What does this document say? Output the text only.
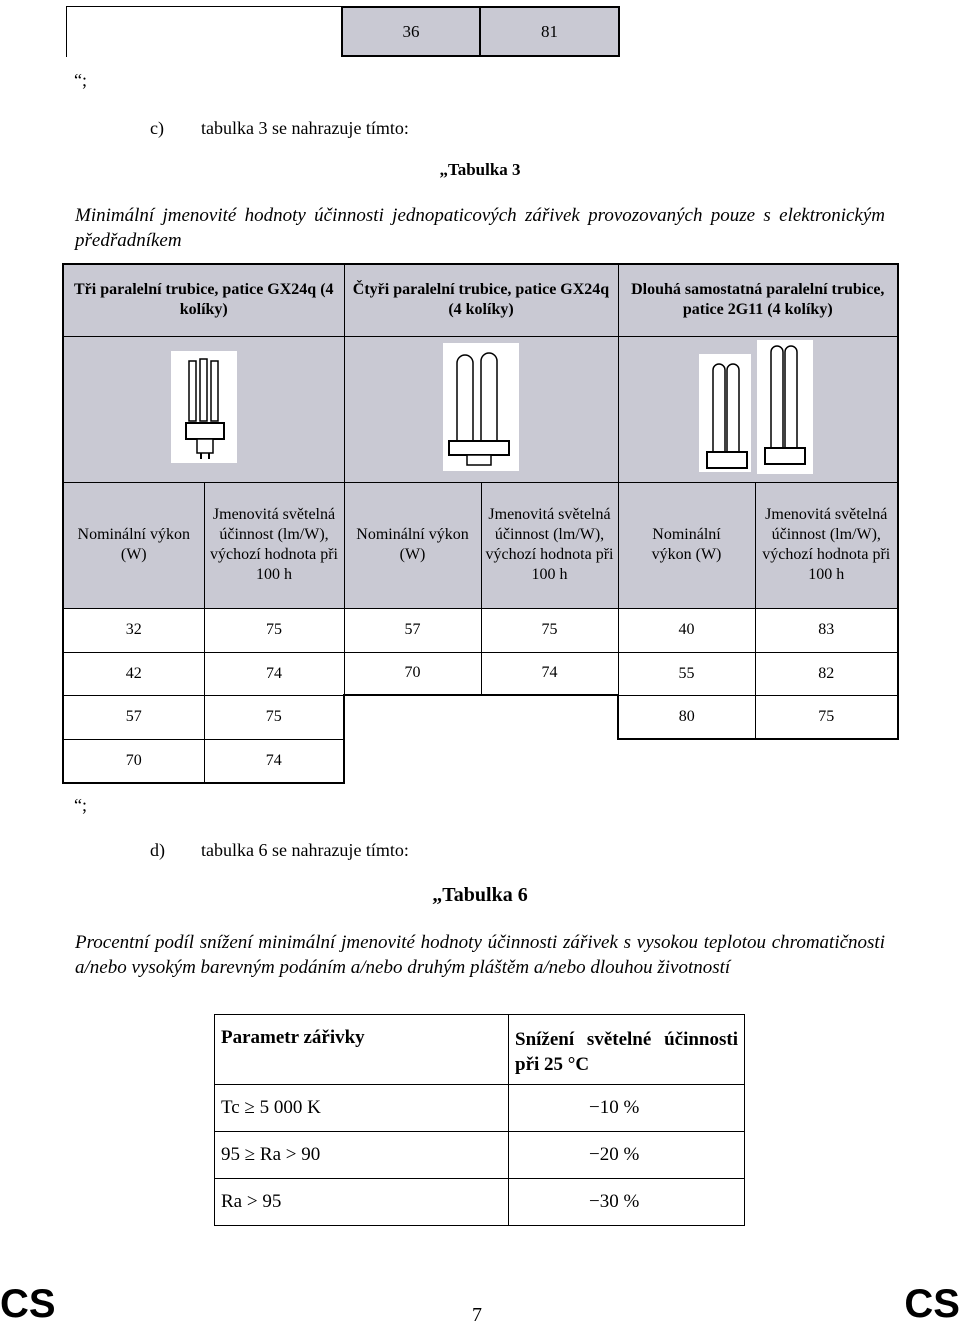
36	81
“;
c) tabulka 3 se nahrazuje tímto:
„Tabulka 3
Minimální jmenovité hodnoty účinnosti jednopaticových zářivek provozovaných pouze s elektronickým předřadníkem
Tři paralelní trubice, patice GX24q (4 kolíky)		Čtyři paralelní trubice, patice GX24q (4 kolíky)		Dlouhá samostatná paralelní trubice, patice 2G11 (4 kolíky)	

Nominální výkon (W)	Jmenovitá světelná účinnost (lm/W), výchozí hodnota při 100 h	Nominální výkon (W)	Jmenovitá světelná účinnost (lm/W), výchozí hodnota při 100 h	Nominální výkon (W)	Jmenovitá světelná účinnost (lm/W), výchozí hodnota při 100 h
32	75	57	75	40	83
42	74	70	74	55	82
57	75			80	75
70	74				
“;
d) tabulka 6 se nahrazuje tímto:
„Tabulka 6
Procentní podíl snížení minimální jmenovité hodnoty účinnosti zářivek s vysokou teplotou chromatičnosti a/nebo vysokým barevným podáním a/nebo druhým pláštěm a/nebo dlouhou životností
Parametr zářivky	Snížení světelné účinnosti při 25 °C
Tc ≥ 5 000 K	−10 %
95 ≥ Ra > 90	−20 %
Ra > 95	−30 %
CS	7	CS
